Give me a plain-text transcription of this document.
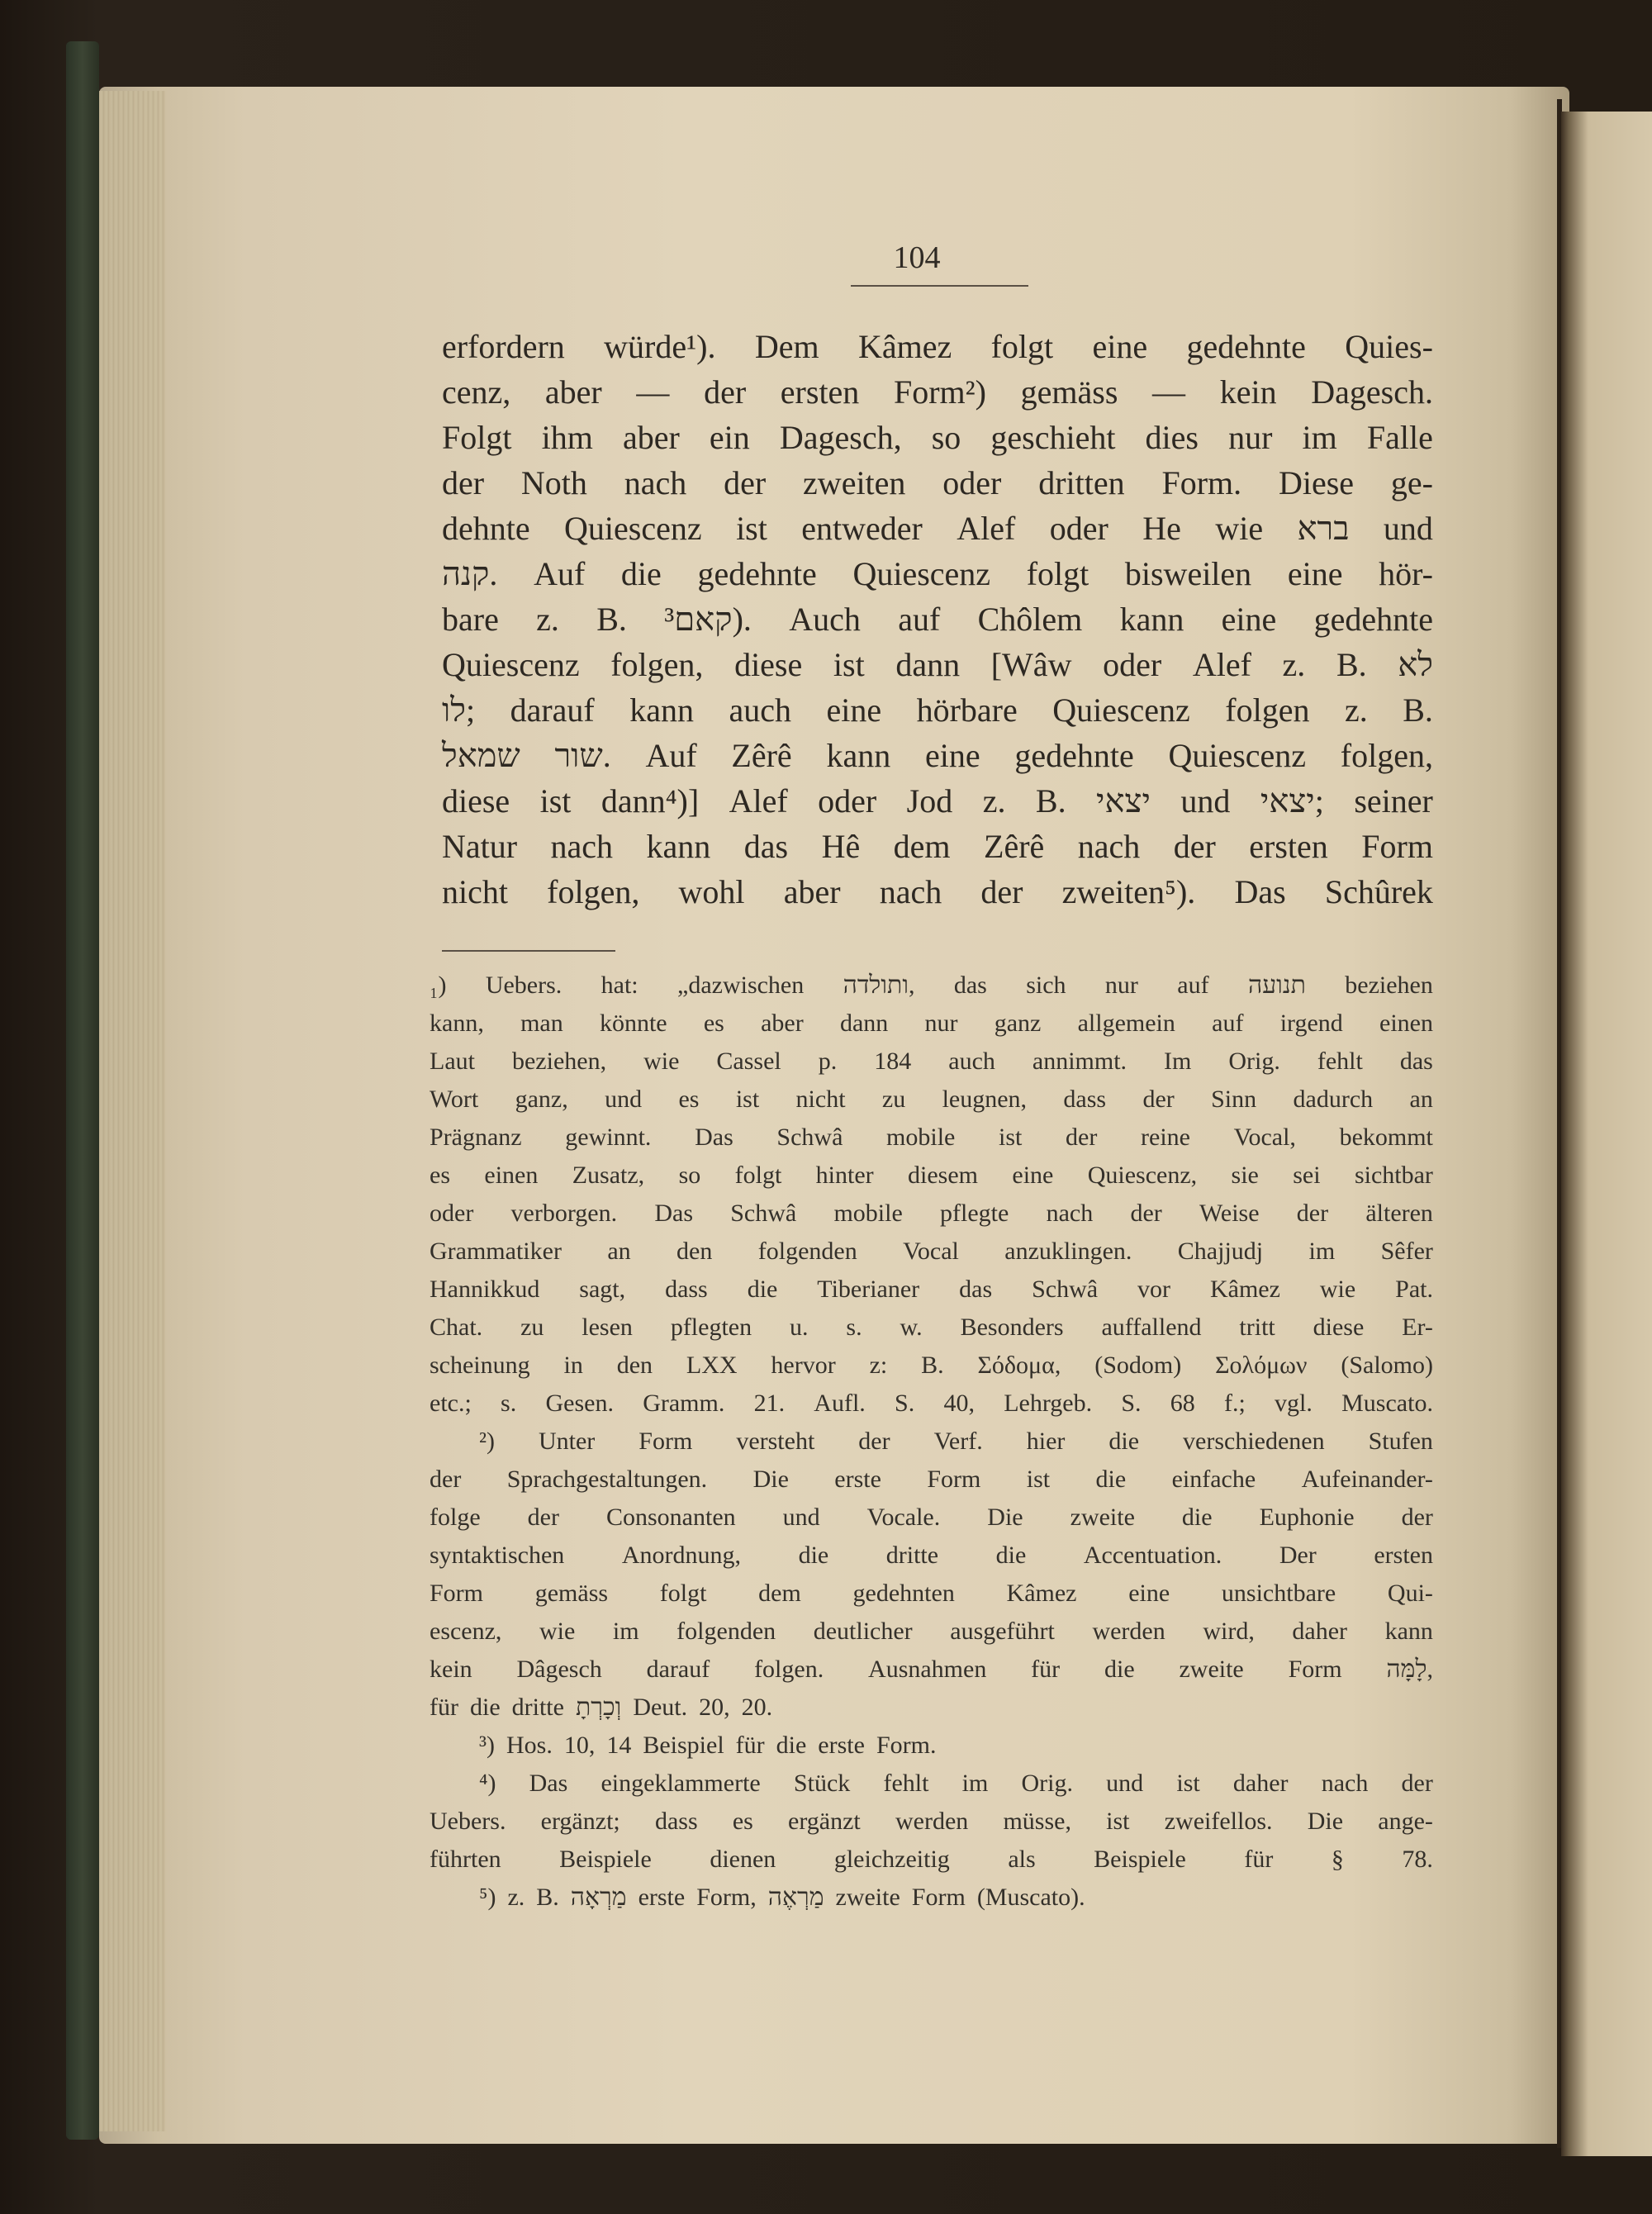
104
erfordern würde¹). Dem Kâmez folgt eine gedehnte Quies-
cenz, aber — der ersten Form²) gemäss — kein Dagesch.
Folgt ihm aber ein Dagesch, so geschieht dies nur im Falle
der Noth nach der zweiten oder dritten Form. Diese ge-
dehnte Quiescenz ist entweder Alef oder He wie ברא und
קנה. Auf die gedehnte Quiescenz folgt bisweilen eine hör-
bare z. B. קאם³). Auch auf Chôlem kann eine gedehnte
Quiescenz folgen, diese ist dann [Wâw oder Alef z. B. לא
לו; darauf kann auch eine hörbare Quiescenz folgen z. B.
שמאל שור. Auf Zêrê kann eine gedehnte Quiescenz folgen,
diese ist dann⁴)] Alef oder Jod z. B. יצאי und יצאי; seiner
Natur nach kann das Hê dem Zêrê nach der ersten Form
nicht folgen, wohl aber nach der zweiten⁵). Das Schûrek
₁) Uebers. hat: „dazwischen ותולדה, das sich nur auf תנועה beziehen
kann, man könnte es aber dann nur ganz allgemein auf irgend einen
Laut beziehen, wie Cassel p. 184 auch annimmt. Im Orig. fehlt das
Wort ganz, und es ist nicht zu leugnen, dass der Sinn dadurch an
Prägnanz gewinnt. Das Schwâ mobile ist der reine Vocal, bekommt
es einen Zusatz, so folgt hinter diesem eine Quiescenz, sie sei sichtbar
oder verborgen. Das Schwâ mobile pflegte nach der Weise der älteren
Grammatiker an den folgenden Vocal anzuklingen. Chajjudj im Sêfer
Hannikkud sagt, dass die Tiberianer das Schwâ vor Kâmez wie Pat.
Chat. zu lesen pflegten u. s. w. Besonders auffallend tritt diese Er-
scheinung in den LXX hervor z: B. Σόδομα, (Sodom) Σολόμων (Salomo)
etc.; s. Gesen. Gramm. 21. Aufl. S. 40, Lehrgeb. S. 68 f.; vgl. Muscato.
²) Unter Form versteht der Verf. hier die verschiedenen Stufen
der Sprachgestaltungen. Die erste Form ist die einfache Aufeinander-
folge der Consonanten und Vocale. Die zweite die Euphonie der
syntaktischen Anordnung, die dritte die Accentuation. Der ersten
Form gemäss folgt dem gedehnten Kâmez eine unsichtbare Qui-
escenz, wie im folgenden deutlicher ausgeführt werden wird, daher kann
kein Dâgesch darauf folgen. Ausnahmen für die zweite Form לָמָּה,
für die dritte וְכָרְתָ Deut. 20, 20.
³) Hos. 10, 14 Beispiel für die erste Form.
⁴) Das eingeklammerte Stück fehlt im Orig. und ist daher nach der
Uebers. ergänzt; dass es ergänzt werden müsse, ist zweifellos. Die ange-
führten Beispiele dienen gleichzeitig als Beispiele für § 78.
⁵) z. B. מַרְאָה erste Form, מַרְאֶה zweite Form (Muscato).
